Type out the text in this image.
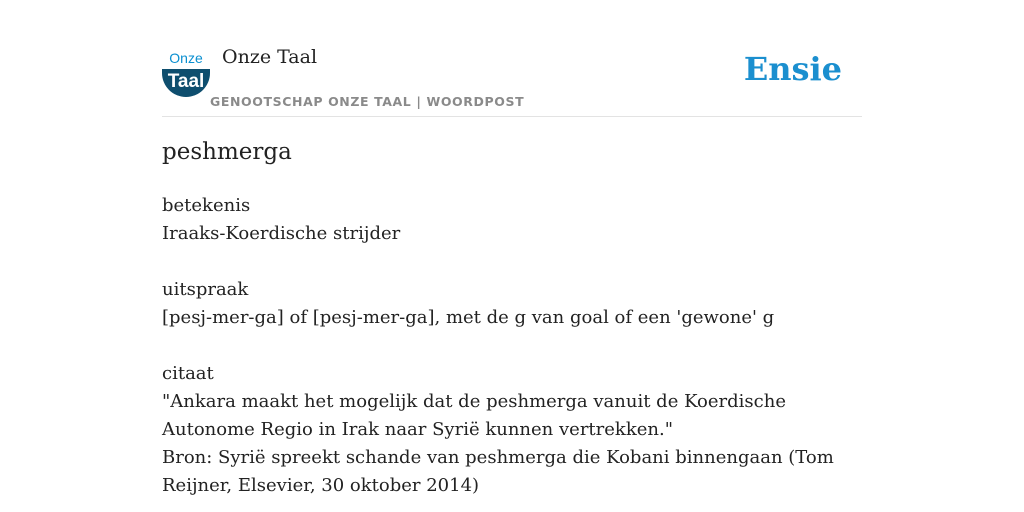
Onze
Taal
Onze Taal
GENOOTSCHAP ONZE TAAL | WOORDPOST
Ensie
peshmerga

betekenis

Iraaks-Koerdische strijder

uitspraak

[pesj-mer-ga] of [pesj-mer-ga], met de g van goal of een 'gewone' g

citaat

"Ankara maakt het mogelijk dat de peshmerga vanuit de Koerdische Autonome Regio in Irak naar Syrië kunnen vertrekken."

Bron: Syrië spreekt schande van peshmerga die Kobani binnengaan (Tom Reijner, Elsevier, 30 oktober 2014)
